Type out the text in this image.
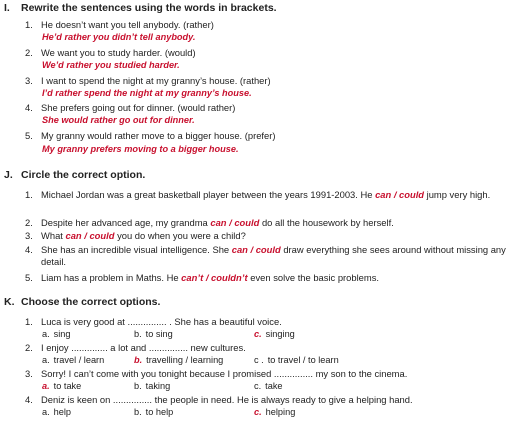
I. Rewrite the sentences using the words in brackets.
1. He doesn’t want you tell anybody. (rather)
He’d rather you didn’t tell anybody.
2. We want you to study harder. (would)
We’d rather you studied harder.
3. I want to spend the night at my granny’s house. (rather)
I’d rather spend the night at my granny’s house.
4. She prefers going out for dinner. (would rather)
She would rather go out for dinner.
5. My granny would rather move to a bigger house. (prefer)
My granny prefers moving to a bigger house.
J. Circle the correct option.
1. Michael Jordan was a great basketball player between the years 1991-2003. He can / could jump very high.
2. Despite her advanced age, my grandma can / could do all the housework by herself.
3. What can / could you do when you were a child?
4. She has an incredible visual intelligence. She can / could draw everything she sees around without missing any detail.
5. Liam has a problem in Maths. He can’t / couldn’t even solve the basic problems.
K. Choose the correct options.
1. Luca is very good at ............... . She has a beautiful voice.
a. sing	b. to sing	c. singing
2. I enjoy .............. a lot and ............... new cultures.
a. travel / learn	b. travelling / learning	c . to travel / to learn
3. Sorry! I can’t come with you tonight because I promised ............... my son to the cinema.
a. to take	b. taking	c. take
4. Deniz is keen on ............... the people in need. He is always ready to give a helping hand.
a. help	b. to help	c. helping
